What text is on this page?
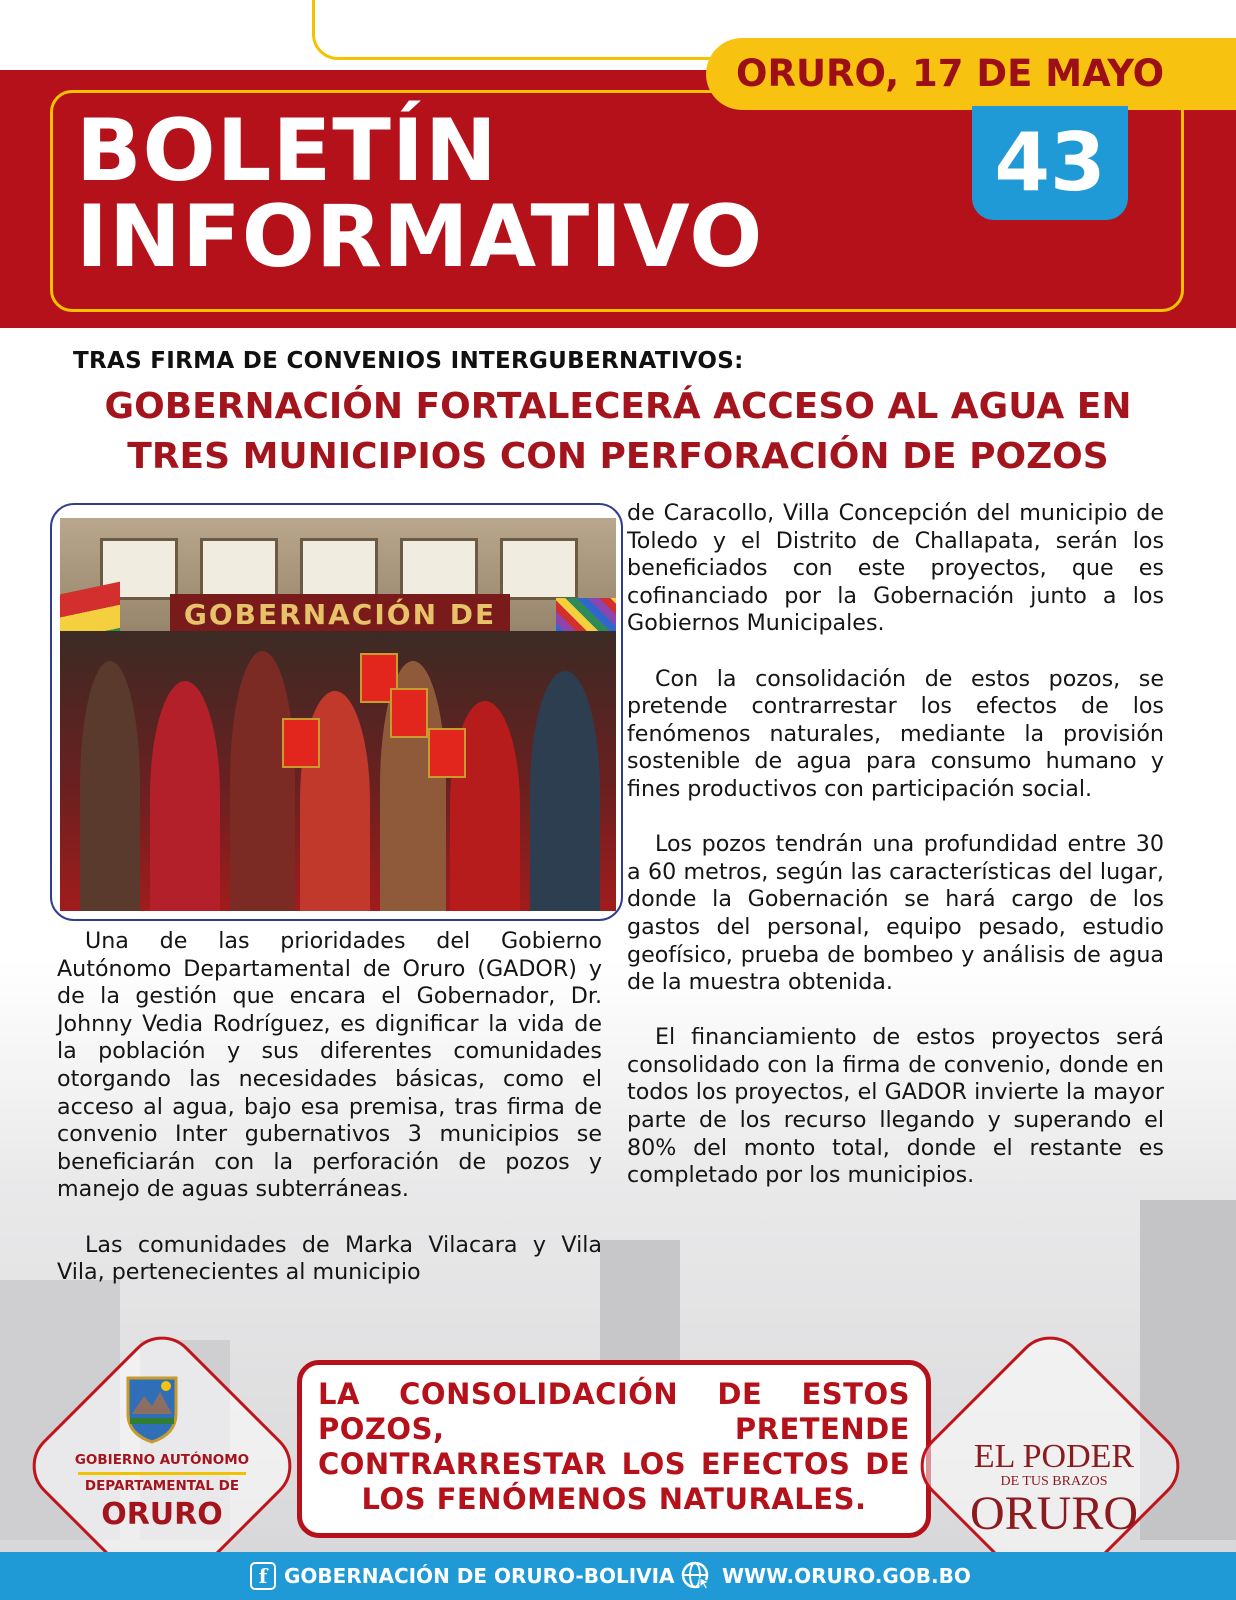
BOLETÍN
INFORMATIVO
ORURO, 17 DE MAYO
43
TRAS FIRMA DE CONVENIOS INTERGUBERNATIVOS:
GOBERNACIÓN FORTALECERÁ ACCESO AL AGUA EN
TRES MUNICIPIOS CON PERFORACIÓN DE POZOS
GOBERNACIÓN DE

Una de las prioridades del Gobierno Autónomo Departamental de Oruro (GADOR) y de la gestión que encara el Gobernador, Dr. Johnny Vedia Rodríguez, es dignificar la vida de la población y sus diferentes comunidades otorgando las necesidades básicas, como el acceso al agua, bajo esa premisa, tras firma de convenio Inter gubernativos 3 municipios se beneficiarán con la perforación de pozos y manejo de aguas subterráneas.

Las comunidades de Marka Vilacara y Vila Vila, pertenecientes al municipio

de Caracollo, Villa Concepción del municipio de Toledo y el Distrito de Challapata, serán los beneficiados con este proyectos, que es cofinanciado por la Gobernación junto a los Gobiernos Municipales.

Con la consolidación de estos pozos, se pretende contrarrestar los efectos de los fenómenos naturales, mediante la provisión sostenible de agua para consumo humano y fines productivos con participación social.

Los pozos tendrán una profundidad entre 30 a 60 metros, según las características del lugar, donde la Gobernación se hará cargo de los gastos del personal, equipo pesado, estudio geofísico, prueba de bombeo y análisis de agua de la muestra obtenida.

El financiamiento de estos proyectos será consolidado con la firma de convenio, donde en todos los proyectos, el GADOR invierte la mayor parte de los recurso llegando y superando el 80% del monto total, donde el restante es completado por los municipios.

GOBIERNO AUTÓNOMO
DEPARTAMENTAL DE
ORURO
LA CONSOLIDACIÓN DE ESTOS POZOS, PRETENDE CONTRARRESTAR LOS EFECTOS DE LOS FENÓMENOS NATURALES.
EL PODER
DE TUS BRAZOS
ORURO
f GOBERNACIÓN DE ORURO-BOLIVIA WWW.ORURO.GOB.BO
